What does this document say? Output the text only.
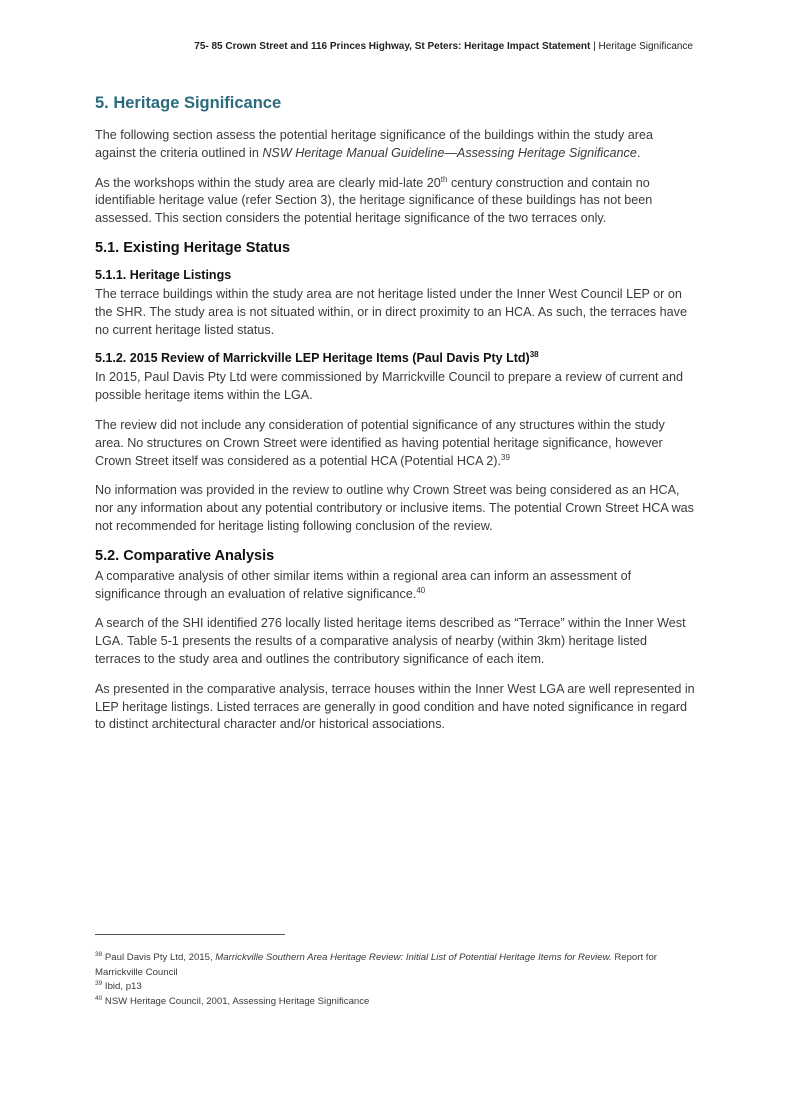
75- 85 Crown Street and 116 Princes Highway, St Peters: Heritage Impact Statement | Heritage Significance
5. Heritage Significance

The following section assess the potential heritage significance of the buildings within the study area against the criteria outlined in NSW Heritage Manual Guideline—Assessing Heritage Significance.

As the workshops within the study area are clearly mid-late 20th century construction and contain no identifiable heritage value (refer Section 3), the heritage significance of these buildings has not been assessed. This section considers the potential heritage significance of the two terraces only.

5.1. Existing Heritage Status
5.1.1. Heritage Listings

The terrace buildings within the study area are not heritage listed under the Inner West Council LEP or on the SHR. The study area is not situated within, or in direct proximity to an HCA. As such, the terraces have no current heritage listed status.

5.1.2. 2015 Review of Marrickville LEP Heritage Items (Paul Davis Pty Ltd)$^{38}$

In 2015, Paul Davis Pty Ltd were commissioned by Marrickville Council to prepare a review of current and possible heritage items within the LGA.

The review did not include any consideration of potential significance of any structures within the study area. No structures on Crown Street were identified as having potential heritage significance, however Crown Street itself was considered as a potential HCA (Potential HCA 2).$^{39}$

No information was provided in the review to outline why Crown Street was being considered as an HCA, nor any information about any potential contributory or inclusive items. The potential Crown Street HCA was not recommended for heritage listing following conclusion of the review.

5.2. Comparative Analysis

A comparative analysis of other similar items within a regional area can inform an assessment of significance through an evaluation of relative significance.$^{40}$

A search of the SHI identified 276 locally listed heritage items described as “Terrace” within the Inner West LGA. Table 5-1 presents the results of a comparative analysis of nearby (within 3km) heritage listed terraces to the study area and outlines the contributory significance of each item.

As presented in the comparative analysis, terrace houses within the Inner West LGA are well represented in LEP heritage listings. Listed terraces are generally in good condition and have noted significance in regard to distinct architectural character and/or historical associations.

$^{38}$ Paul Davis Pty Ltd, 2015, Marrickville Southern Area Heritage Review: Initial List of Potential Heritage Items for Review. Report for Marrickville Council

$^{39}$ Ibid, p13

$^{40}$ NSW Heritage Council, 2001, Assessing Heritage Significance
